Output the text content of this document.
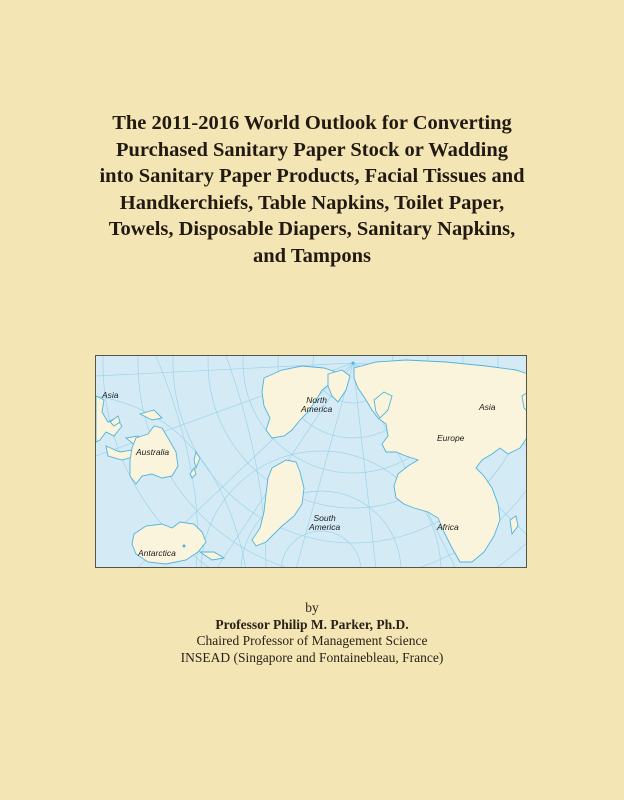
The 2011-2016 World Outlook for Converting
Purchased Sanitary Paper Stock or Wadding
into Sanitary Paper Products, Facial Tissues and
Handkerchiefs, Table Napkins, Toilet Paper,
Towels, Disposable Diapers, Sanitary Napkins,
and Tampons
Asia
Australia
Antarctica
North
America
South
America
Asia
Europe
Africa
by
Professor Philip M. Parker, Ph.D.
Chaired Professor of Management Science
INSEAD (Singapore and Fontainebleau, France)
